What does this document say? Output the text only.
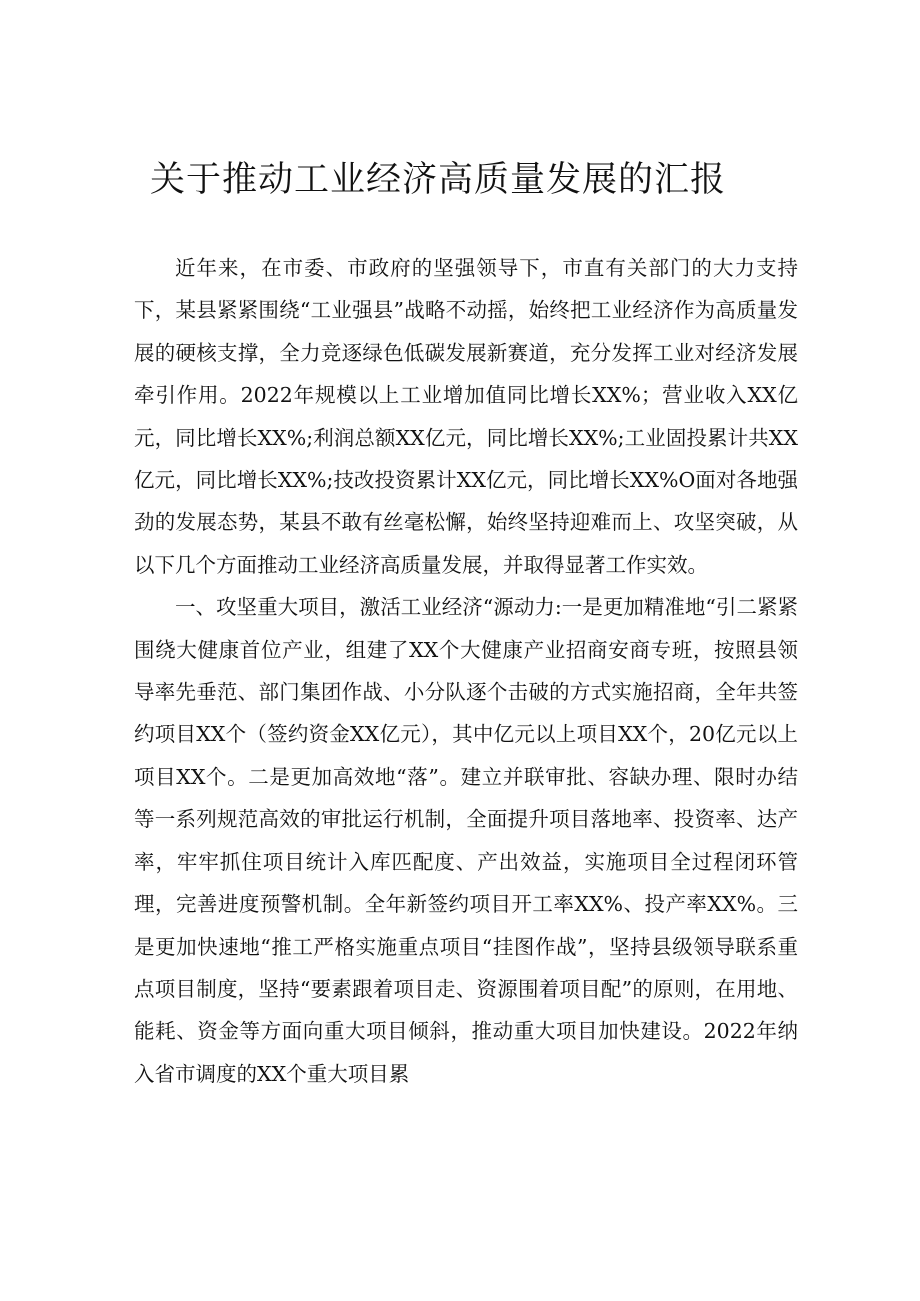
关于推动工业经济高质量发展的汇报

近年来，在市委、市政府的坚强领导下，市直有关部门的大力支持下，某县紧紧围绕“工业强县”战略不动摇，始终把工业经济作为高质量发展的硬核支撑，全力竞逐绿色低碳发展新赛道，充分发挥工业对经济发展牵引作用。2022年规模以上工业增加值同比增长XX%；营业收入XX亿元，同比增长XX%;利润总额XX亿元，同比增长XX%;工业固投累计共XX亿元，同比增长XX%;技改投资累计XX亿元，同比增长XX%O面对各地强劲的发展态势，某县不敢有丝毫松懈，始终坚持迎难而上、攻坚突破，从以下几个方面推动工业经济高质量发展，并取得显著工作实效。

一、攻坚重大项目，激活工业经济“源动力:一是更加精准地“引二紧紧围绕大健康首位产业，组建了XX个大健康产业招商安商专班，按照县领导率先垂范、部门集团作战、小分队逐个击破的方式实施招商，全年共签约项目XX个（签约资金XX亿元），其中亿元以上项目XX个，20亿元以上项目XX个。二是更加高效地“落”。建立并联审批、容缺办理、限时办结等一系列规范高效的审批运行机制，全面提升项目落地率、投资率、达产率，牢牢抓住项目统计入库匹配度、产出效益，实施项目全过程闭环管理，完善进度预警机制。全年新签约项目开工率XX%、投产率XX%。三是更加快速地“推工严格实施重点项目“挂图作战”，坚持县级领导联系重点项目制度，坚持“要素跟着项目走、资源围着项目配”的原则，在用地、能耗、资金等方面向重大项目倾斜，推动重大项目加快建设。2022年纳入省市调度的XX个重大项目累
